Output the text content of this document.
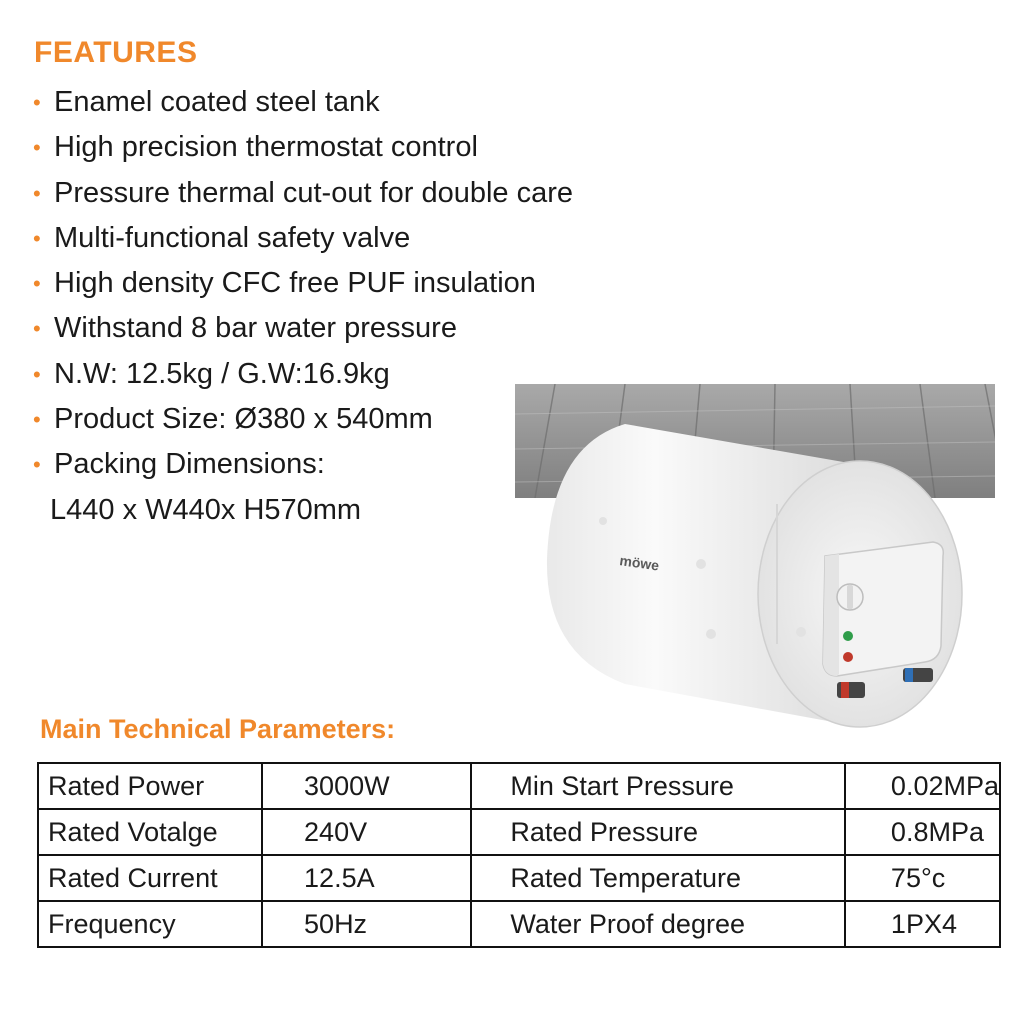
FEATURES
• Enamel coated steel tank
• High precision thermostat control
• Pressure thermal cut-out for double care
• Multi-functional safety valve
• High density CFC free PUF insulation
• Withstand 8 bar water pressure
• N.W: 12.5kg / G.W:16.9kg
• Product Size: Ø380 x 540mm
• Packing Dimensions:
L440 x W440x H570mm
möwe
Main Technical Parameters:
Rated Power	3000W	Min Start Pressure	0.02MPa
Rated Votalge	240V	Rated Pressure	0.8MPa
Rated Current	12.5A	Rated Temperature	75°c
Frequency	50Hz	Water Proof degree	1PX4
